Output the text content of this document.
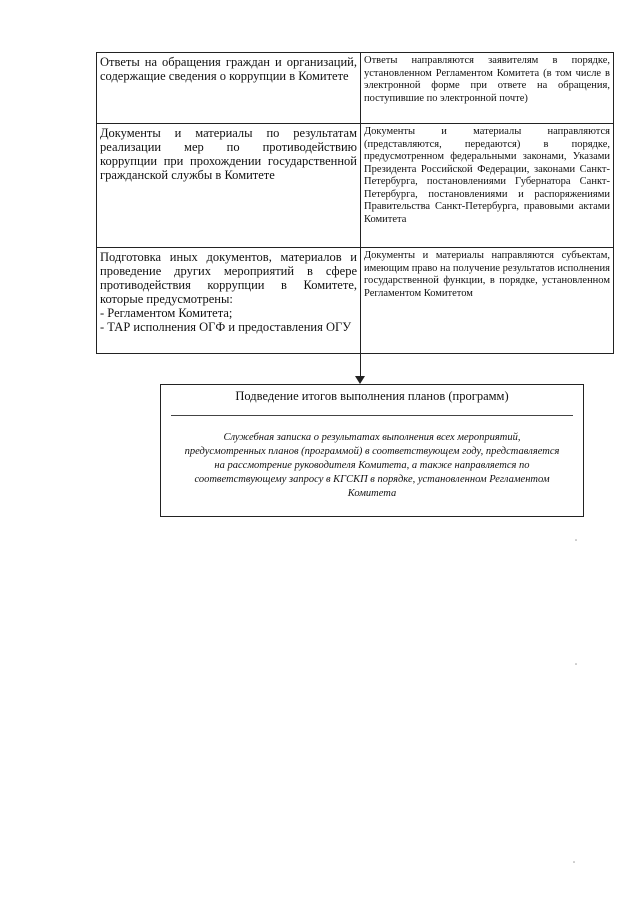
Ответы на обращения граждан и организаций, содержащие сведения о коррупции в Комитете
Ответы направляются заявителям в порядке, установленном Регламентом Комитета (в том числе в электронной форме при ответе на обращения, поступившие по электронной почте)
Документы и материалы по результатам реализации мер по противодействию коррупции при прохождении государственной гражданской службы в Комитете
Документы и материалы направляются (представляются, передаются) в порядке, предусмотренном федеральными законами, Указами Президента Российской Федерации, законами Санкт-Петербурга, постановлениями Губернатора Санкт-Петербурга, постановлениями и распоряжениями Правительства Санкт-Петербурга, правовыми актами Комитета
Подготовка иных документов, материалов и проведение других мероприятий в сфере противодействия коррупции в Комитете, которые предусмотрены:
- Регламентом Комитета;
- ТАР исполнения ОГФ и предоставления ОГУ
Документы и материалы направляются субъектам, имеющим право на получение результатов исполнения государственной функции, в порядке, установленном Регламентом Комитетом
Подведение итогов выполнения планов (программ)
Служебная записка о результатах выполнения всех мероприятий, предусмотренных планов (программой) в соответствующем году, представляется на рассмотрение руководителя Комитета, а также направляется по соответствующему запросу в КГСКП в порядке, установленном Регламентом Комитета
